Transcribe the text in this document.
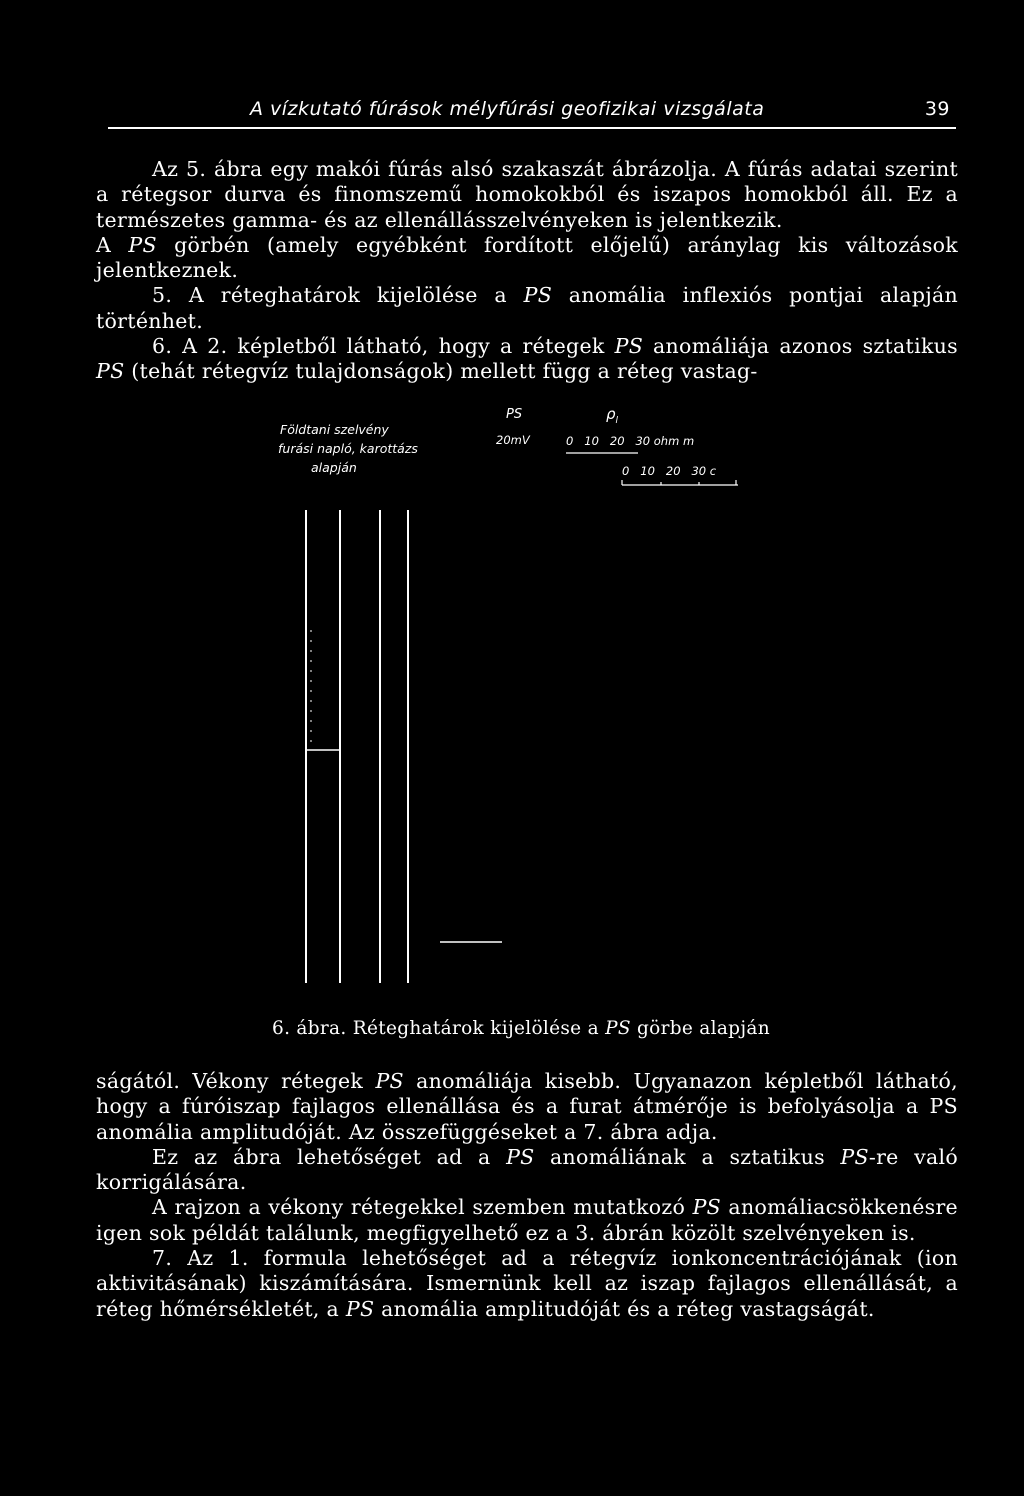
A vízkutató fúrások mélyfúrási geofizikai vizsgálata	39

Az 5. ábra egy makói fúrás alsó szakaszát ábrázolja. A fúrás adatai szerint a rétegsor durva és finomszemű homokokból és iszapos homokból áll. Ez a természetes gamma- és az ellenállásszelvényeken is jelentkezik.

A PS görbén (amely egyébként fordított előjelű) aránylag kis változások jelentkeznek.

5. A réteghatárok kijelölése a PS anomália inflexiós pontjai alapján történhet.

6. A 2. képletből látható, hogy a rétegek PS anomáliája azonos sztatikus PS (tehát rétegvíz tulajdonságok) mellett függ a réteg vastag-

Földtani szelvény
furási napló, karottázs
alapján
PS	$\rho_l$
20mV	0   10   20   30 ohm m
0   10   20   30 c
6. ábra. Réteghatárok kijelölése a PS görbe alapján

ságától. Vékony rétegek PS anomáliája kisebb. Ugyanazon képletből látható, hogy a fúróiszap fajlagos ellenállása és a furat átmérője is befolyásolja a PS anomália amplitudóját. Az összefüggéseket a 7. ábra adja.

Ez az ábra lehetőséget ad a PS anomáliának a sztatikus PS-re való korrigálására.

A rajzon a vékony rétegekkel szemben mutatkozó PS anomáliacsökkenésre igen sok példát találunk, megfigyelhető ez a 3. ábrán közölt szelvényeken is.

7. Az 1. formula lehetőséget ad a rétegvíz ionkoncentrációjának (ion aktivitásának) kiszámítására. Ismernünk kell az iszap fajlagos ellenállását, a réteg hőmérsékletét, a PS anomália amplitudóját és a réteg vastagságát.
